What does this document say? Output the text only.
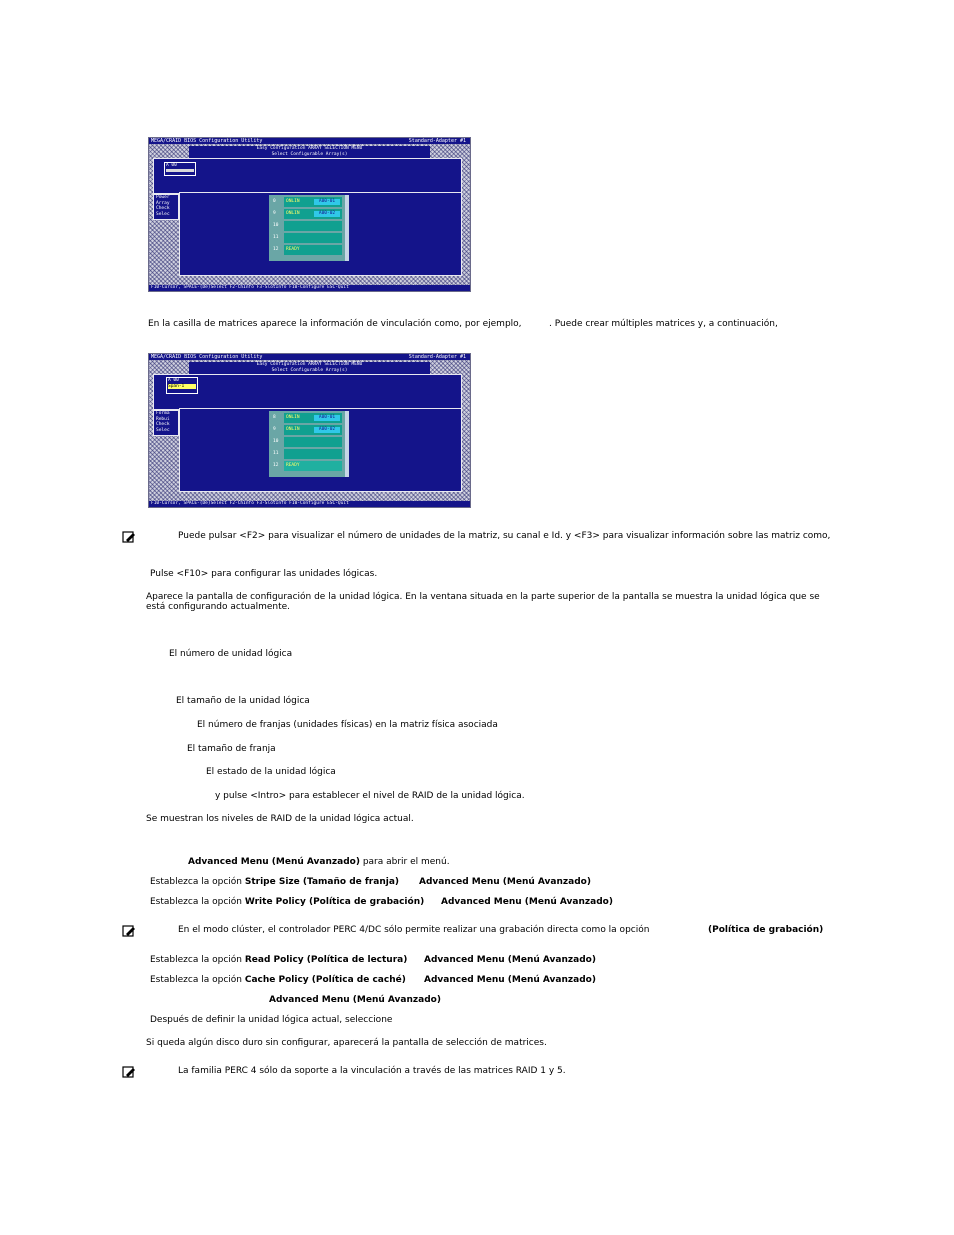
MEGA/CRAID BIOS Configuration Utility	Standard-Adapter #1
Easy Configuration ARRAY SELECTION MENU
Select Configurable Array(s)
A 00
Power
Array
Check
Selec
0	ONLIN	A00-01
9	ONLIN	A00-02
10
11
12	READY
F10-Cursor, SPACE-(De)Select F2-ChInfo F3-SlotInfo F10-Configure ESC-Quit
En la casilla de matrices aparece la información de vinculación como, por ejemplo,	. Puede crear múltiples matrices y, a continuación,
MEGA/CRAID BIOS Configuration Utility	Standard-Adapter #1
Easy Configuration ARRAY SELECTION MENU
Select Configurable Array(s)
A 00
Span-1
Forma
Rebui
Check
Selec
8	ONLIN	A00-01
9	ONLIN	A00-02
10
11
12	READY
F10-Cursor, SPACE-(De)Select F2-ChInfo F3-SlotInfo F10-Configure ESC-Quit
Puede pulsar <F2> para visualizar el número de unidades de la matriz, su canal e Id. y <F3> para visualizar información sobre las matriz como,
Pulse <F10> para configurar las unidades lógicas.
Aparece la pantalla de configuración de la unidad lógica. En la ventana situada en la parte superior de la pantalla se muestra la unidad lógica que se
está configurando actualmente.
El número de unidad lógica
El tamaño de la unidad lógica
El número de franjas (unidades físicas) en la matriz física asociada
El tamaño de franja
El estado de la unidad lógica
y pulse <Intro> para establecer el nivel de RAID de la unidad lógica.
Se muestran los niveles de RAID de la unidad lógica actual.
Advanced Menu (Menú Avanzado) para abrir el menú.
Establezca la opción Stripe Size (Tamaño de franja) Advanced Menu (Menú Avanzado)
Establezca la opción Write Policy (Política de grabación) Advanced Menu (Menú Avanzado)
En el modo clúster, el controlador PERC 4/DC sólo permite realizar una grabación directa como la opción	(Política de grabación)
Establezca la opción Read Policy (Política de lectura) Advanced Menu (Menú Avanzado)
Establezca la opción Cache Policy (Política de caché) Advanced Menu (Menú Avanzado)
Advanced Menu (Menú Avanzado)
Después de definir la unidad lógica actual, seleccione
Si queda algún disco duro sin configurar, aparecerá la pantalla de selección de matrices.
La familia PERC 4 sólo da soporte a la vinculación a través de las matrices RAID 1 y 5.
